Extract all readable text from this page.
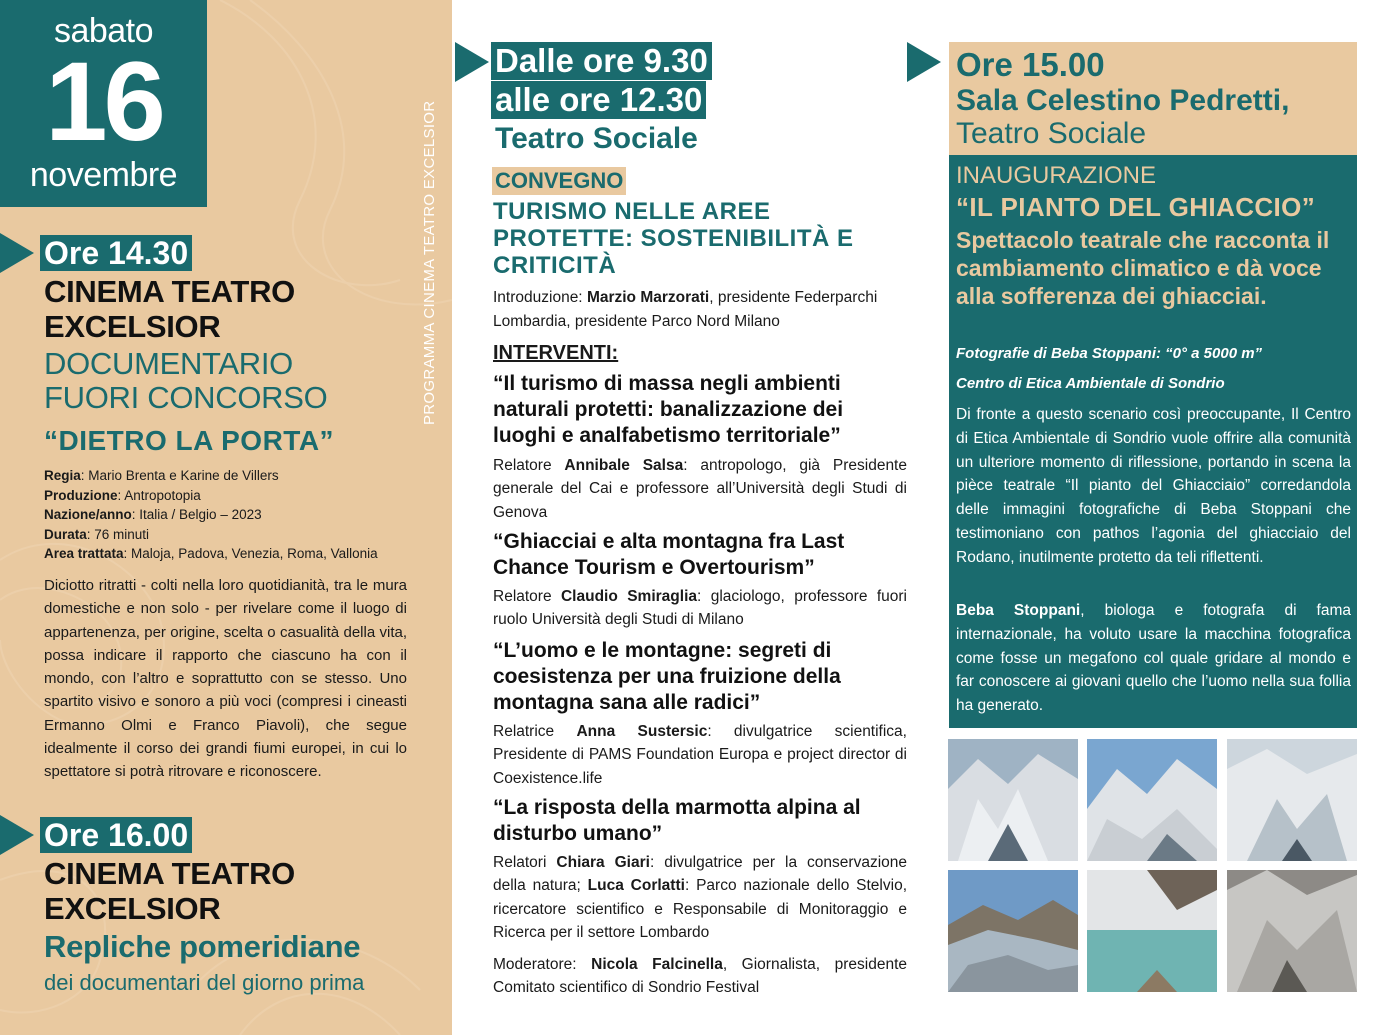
sabato
16
novembre
Ore 14.30
CINEMA TEATRO
EXCELSIOR
DOCUMENTARIO
FUORI CONCORSO
“DIETRO LA PORTA”
Regia: Mario Brenta e Karine de Villers
Produzione: Antropotopia
Nazione/anno: Italia / Belgio – 2023
Durata: 76 minuti
Area trattata: Maloja, Padova, Venezia, Roma, Vallonia
Diciotto ritratti - colti nella loro quotidianità, tra le mura domestiche e non solo - per rivelare come il luogo di appartenenza, per origine, scelta o casualità della vita, possa indicare il rapporto che ciascuno ha con il mondo, con l’altro e soprattutto con se stesso. Uno spartito visivo e sonoro a più voci (compresi i cineasti Ermanno Olmi e Franco Piavoli), che segue idealmente il corso dei grandi fiumi europei, in cui lo spettatore si potrà ritrovare e riconoscere.
Ore 16.00
CINEMA TEATRO
EXCELSIOR
Repliche pomeridiane
dei documentari del giorno prima
PROGRAMMA CINEMA TEATRO EXCELSIOR
Dalle ore 9.30
alle ore 12.30
Teatro Sociale
CONVEGNO
TURISMO NELLE AREE PROTETTE: SOSTENIBILITÀ E CRITICITÀ
Introduzione: Marzio Marzorati, presidente Federparchi Lombardia, presidente Parco Nord Milano
INTERVENTI:
“Il turismo di massa negli ambienti naturali protetti: banalizzazione dei luoghi e analfabetismo territoriale”
Relatore Annibale Salsa: antropologo, già Presidente generale del Cai e professore all’Università degli Studi di Genova
“Ghiacciai e alta montagna fra Last Chance Tourism e Overtourism”
Relatore Claudio Smiraglia: glaciologo, professore fuori ruolo Università degli Studi di Milano
“L’uomo e le montagne: segreti di coesistenza per una fruizione della montagna sana alle radici”
Relatrice Anna Sustersic: divulgatrice scientifica, Presidente di PAMS Foundation Europa e project director di Coexistence.life
“La risposta della marmotta alpina al disturbo umano”
Relatori Chiara Giari: divulgatrice per la conservazione della natura; Luca Corlatti: Parco nazionale dello Stelvio, ricercatore scientifico e Responsabile di Monitoraggio e Ricerca per il settore Lombardo
Moderatore: Nicola Falcinella, Giornalista, presidente Comitato scientifico di Sondrio Festival
Ore 15.00
Sala Celestino Pedretti,
Teatro Sociale
INAUGURAZIONE
“IL PIANTO DEL GHIACCIO”
Spettacolo teatrale che racconta il cambiamento climatico e dà voce alla sofferenza dei ghiacciai.
Fotografie di Beba Stoppani: “0° a 5000 m”
Centro di Etica Ambientale di Sondrio
Di fronte a questo scenario così preoccupante, Il Centro di Etica Ambientale di Sondrio vuole offrire alla comunità un ulteriore momento di riflessione, portando in scena la pièce teatrale “Il pianto del Ghiacciaio” corredandola delle immagini fotografiche di Beba Stoppani che testimoniano con pathos l’agonia del ghiacciaio del Rodano, inutilmente protetto da teli riflettenti.
Beba Stoppani, biologa e fotografa di fama internazionale, ha voluto usare la macchina fotografica come fosse un megafono col quale gridare al mondo e far conoscere ai giovani quello che l’uomo nella sua follia ha generato.
